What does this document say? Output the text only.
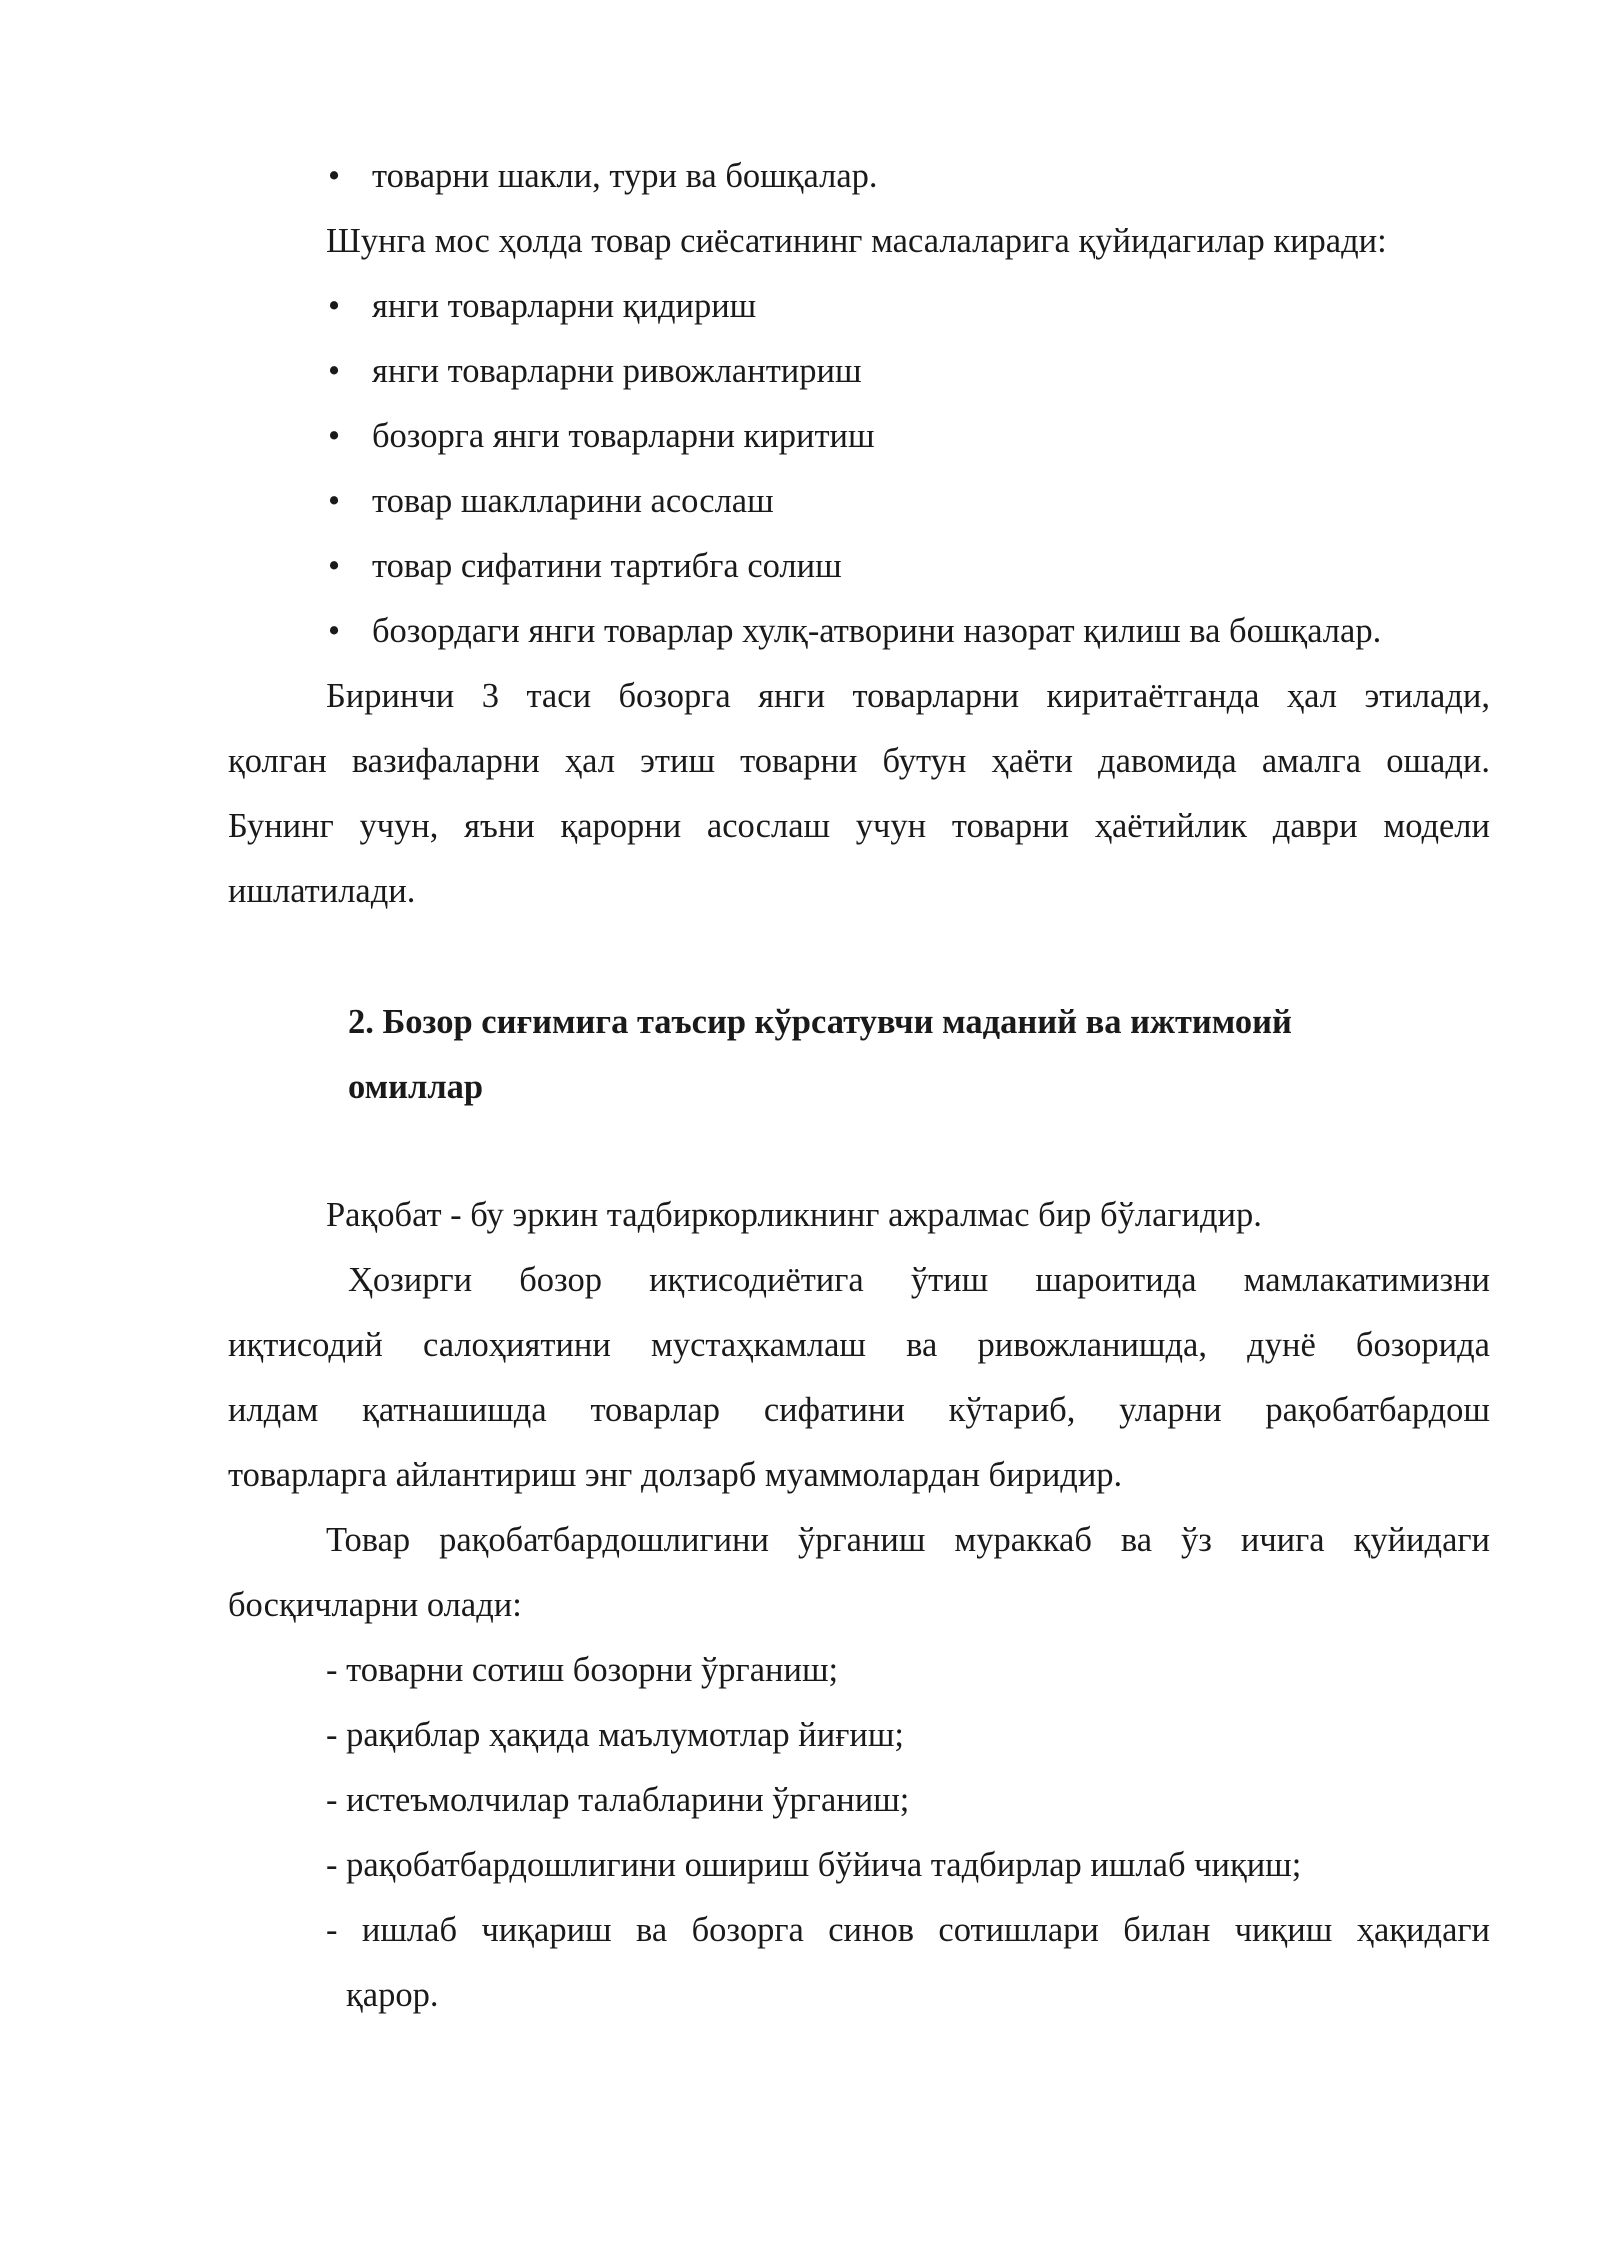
• товарни шакли, тури ва бошқалар.
Шунга мос ҳолда товар сиёсатининг масалаларига қуйидагилар киради:
• янги товарларни қидириш
• янги товарларни ривожлантириш
• бозорга янги товарларни киритиш
• товар шаклларини асослаш
• товар сифатини тартибга солиш
• бозордаги янги товарлар хулқ-атворини назорат қилиш ва бошқалар.
Биринчи 3 таси бозорга янги товарларни киритаётганда ҳал этилади,
қолган вазифаларни ҳал этиш товарни бутун ҳаёти давомида амалга ошади.
Бунинг учун, яъни қарорни асослаш учун товарни ҳаётийлик даври модели
ишлатилади.
2. Бозор сиғимига таъсир кўрсатувчи маданий ва ижтимоий
омиллар
Рақобат - бу эркин тадбиркорликнинг ажралмас бир бўлагидир.
Ҳозирги бозор иқтисодиётига ўтиш шароитида мамлакатимизни
иқтисодий салоҳиятини мустаҳкамлаш ва ривожланишда, дунё бозорида
илдам қатнашишда товарлар сифатини кўтариб, уларни рақобатбардош
товарларга айлантириш энг долзарб муаммолардан биридир.
Товар рақобатбардошлигини ўрганиш мураккаб ва ўз ичига қуйидаги
босқичларни олади:
- товарни сотиш бозорни ўрганиш;
- рақиблар ҳақида маълумотлар йиғиш;
- истеъмолчилар талабларини ўрганиш;
- рақобатбардошлигини ошириш бўйича тадбирлар ишлаб чиқиш;
- ишлаб чиқариш ва бозорга синов сотишлари билан чиқиш ҳақидаги
қарор.
